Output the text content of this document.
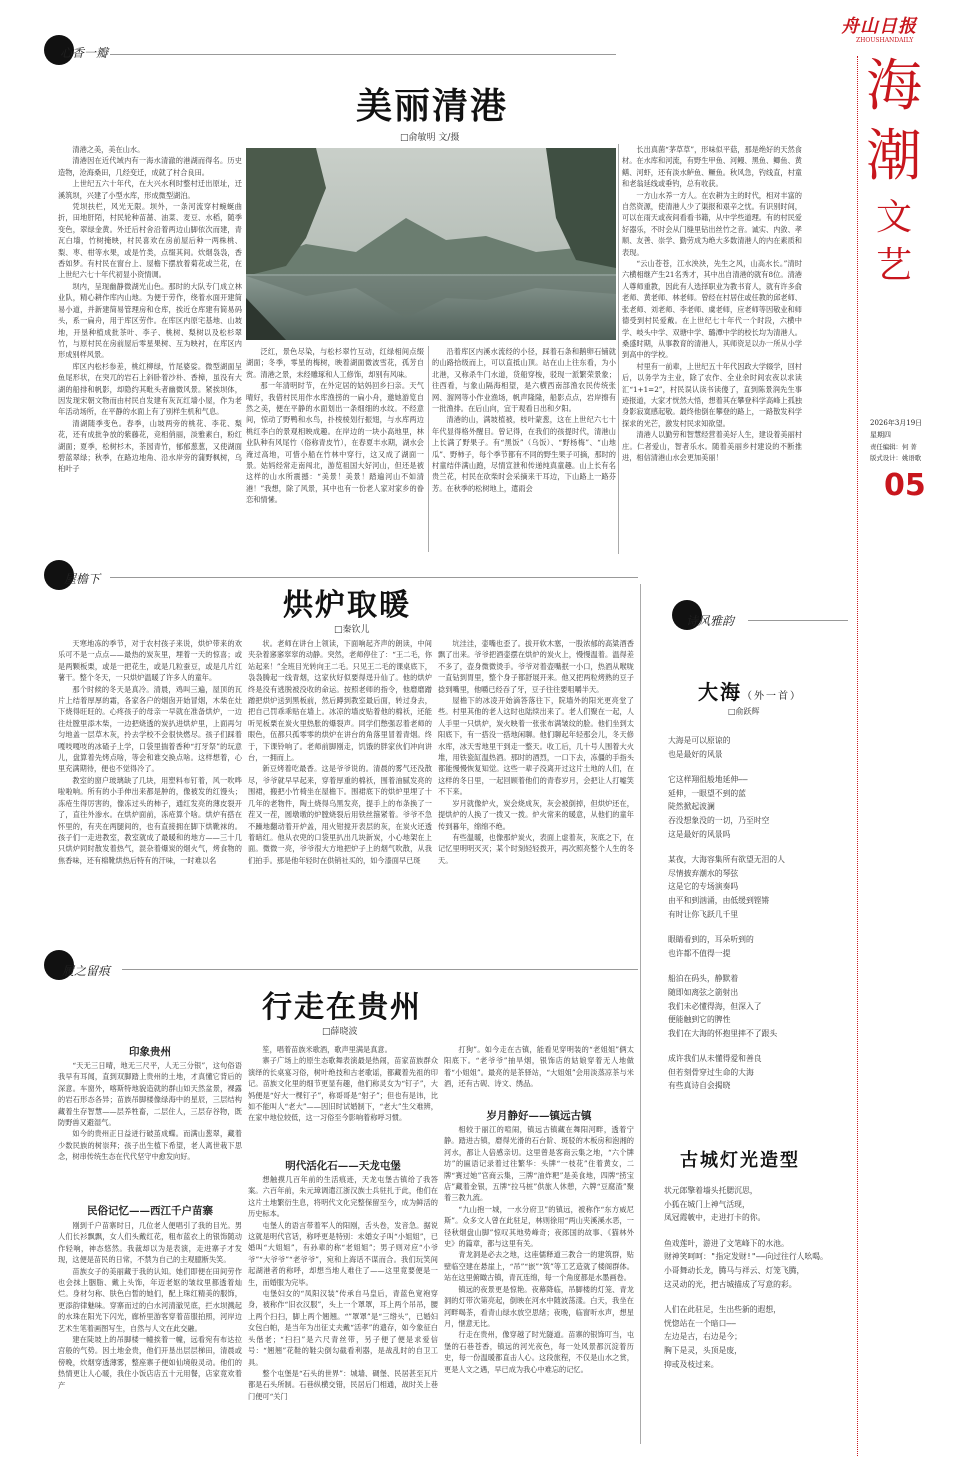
舟山日报
ZHOUSHANDAILY
海
潮
文
艺
2026年3月19日
星期四
责任编辑：何 菁
版式设计：姚语歌
05
心香一瓣
美丽清港
□俞敏明 文/摄

清港之美，美在山水。

清港因在近代域内有一海水清澈的港湖而得名。历史造物，沧海桑田，几经变迁，成就了村合良田。

上世纪五六十年代，在大兴水利时整村迁出原址，迁溪筑坝，兴建了小型水库，形成微型湖泊。

凭坝扶栏，风光无限。坝外，一条河流穿村蜿蜒曲折，田地肝陌，村民轮种苗蔷、油菜、麦豆、水稻，随季变色，翠绿金黄。外迁后村舍沿着两边山脚依次而建，青瓦白墙，竹树掩映，村民喜欢在房前屋后种一两株桃、梨、枣、柑等水果，或是竹类，点缀其间。炊烟袅袅，香香如梦。有村民在窗台上、屋檐下摆放着菊花或兰花，在上世纪六七十年代初显小资情调。

坝内，呈现幽静微湖光山色。那时的大队专门成立林业队，精心耕作库内山地。为便于劳作，绕着水面开建简易小道，并新建简易管理房和仓库，挨近仓库建有简易码头，系一扁舟，用于库区劳作。在库区内原宅基地、山坡地，开垦种植成批茶叶、李子、桃树、梨树以及松杉翠竹，与原村民在房前屋后零星果树、互为映衬，在库区内形成别样风景。

库区内松杉参差，桃红柳绿，竹尾婆娑。微型湖面呈鱼尾形状，在突兀的岩石上斜卧着沙朴、香樟，虽没有大湖的船排和帆影，却隐约其毗头者幽微风景。紧挨坝体，因发现宋朝文物而由村民自发建有灰瓦红墙小屋，作为老年活动场所，在平静的水面上有了别样生机和气息。

清湖随季变色。春季，山坡两旁的桃花、李花、梨花，还有成批争放的紫藤花，竞相俏丽，淡雅素白，粉红湖面；夏季，松树杉木，茶园青竹，郁郁葱葱，又使湖面碧蓝翠绿；秋季，在路边地角、沿水岸旁的蒲野枫树，乌桕叶子

泛红，景色尽染，与松杉翠竹互动，红绿相间点缀湖面；冬季，零星的梅树，映着湖面微波雪花，孤芳自赏。清港之景，未经雕琢和人工修饰，却别有风味。

那一年清明时节，在外定居的姑妈回乡扫亲。天气晴好，我借村民用作水库渔捞的一扁小舟，邀她游览自然之美，便在平静的水面划出一条细细的水纹。不经意间，惊动了野鸭和水鸟，扑棱棱划行振翅，与水库两边桃红李白的景观相映成趣。在岸边的一块小高地里，林业队种有风尾竹（俗称青皮竹），在春夏丰水期，湖水会淹过高地，可惜小船在竹林中穿行，这又成了湖面一景。姑妈经常走南闯北，游览祖国大好河山，但还是被这样的山水所震撼：“美景！美景！踏遍河山不如清港！”我想，除了风景，其中也有一份老人家对家乡的眷恋和情愫。

沿着库区内溪水流经的小径，踩着石条和鹅卵石铺就的山路拾级而上，可以直抵山顶。站在山上往东看，为小北港，又称杀牛门水道，货船穿梭，驳现一派繁荣景象；往西看，与象山隔海相望，是六横西南部渔农民传统张网、溜网等小作业渔场，帆声隆隆，船影点点，岩岸擦有一批渔排。在后山向，宜于观看日出和夕阳。

清港的山，满坡植被，枝叶蒙葱，这在上世纪六七十年代显得格外醒目。曾记得，在我们的孩提时代，清港山上长满了野果子。有“黑饭”（乌饭）、“野杨梅”、“山地瓜”、野柿子，每个季节都有不同的野生果子可摘，那时的村童结伴满山跑，尽情宣泄和传递纯真童趣。山上长有名贵兰花，村民在砍柴时会采摘来干耳边，下山路上一路芬芳。在秋季的松树地上，遣雨会

长出真菌“茅草草”，形味似平菇，那是绝好的天然食材。在水库和河流，有野生甲鱼、河鳗、黑鱼、鲫鱼、黄鳝、河虾，还有淡水鲈鱼、鳜鱼。秋风急，钓线直，村童和老翁延线或垂钓，总有收获。

一方山水养一方人。在农耕为主的时代，相对丰富的自然资源，使清港人少了渠报和艰辛之忧。有识别时间，可以在雨天或夜间看看书籍，从中学些道理。有的村民爱好器乐，不时会从门缝里钻出丝竹之音。诚实、内敛、孝顺、友善、崇学、勤劳成为绝大多数清港人的内在素质和表现。

“云山苍苍，江水泱泱，先生之风，山高水长。”清时六横相继产生21名秀才，其中出自清港的就有8位。清港人尊师重教，因此有人选择职业为教书育人，就有许多俞老师、黄老师、林老师。曾经在村居住或任教的邱老师、张老师、刘老师、李老师、虞老师，应老师等因敬业和师德受到村民爱戴。在上世纪七十年代一个时段，六横中学、岐头中学、双塘中学、璐潭中学的校长均为清港人。桑盛时期，从事教育的清港人，其师资足以办一所从小学到高中的学校。

村里有一前辈，上世纪五十年代因政大学辍学，回村后，以务学为主业，除了农作、全业余时间农夜以求读汇“1+1=2”，村民误认读书读傻了，直到陈景润先生事迹报道，大家才恍然大悟，想着其在攀登科学高峰上孤独身影寂寞感起敬。最终他倒在攀登的路上，一路散发科学探求的光芒，激发村民求知欲望。

清港人以勤劳和智慧经营着美好人生，建设着美丽村庄。仁者爱山，智者乐水。随着美丽乡村建设的不断推进，相信清港山水会更加美丽！

屋檐下
烘炉取暖
□秦钦儿

天寒地冻的季节，对于农村孩子来说，烘炉带来的欢乐可不是一点点——最热的炭灰里，埋着一天的惊喜；或是两颗板栗，或是一把花生，或是几粒蚕豆，或是几片红薯干。整个冬天，一只烘炉温暖了许多人的童年。

那个时候的冬天是真冷。清晨，鸡叫三遍，屋顶的瓦片上结着厚厚的霜，各家各户的烟囱开始冒烟，木柴在灶下烧得旺旺的。心疼孩子的母亲一早就在准备烘炉，一边往灶膛里添木柴，一边把烧透的炭扒进烘炉里，上面再匀匀地盖一层草木灰，拎去学校不会很快燃尽。孩子们踩着嘎吱嘎吱的冰碴子上学，口袋里揣着香种“打牙祭”的玩意儿，盘算着先烤点啥，等会和谁交换点啥。这样想着，心里充满期待，便也不觉得冷了。

教室的窗户玻璃缺了几块，用塑料布钉着，风一吹哗啦啦响。所有的小手伸出来都是肿的，像被发的红馒头；冻疮生得厉害的，像冻过头的柿子，通红发亮的薄皮裂开了，直往外渗水。在烘炉面前，冻疮算个啥。烘炉有搭在怀里的，有夹在两腿间的，也有直接拥在脚下烘靴袜的。孩子们一走进教室，教室就成了最暖和的地方——三十几只烘炉同时散发着热气，混杂着爆炭的烟火气，烤食物的焦香味，还有棉靴烘热后特有的汗味，一时难以名

状。老师在讲台上领读，下面响起齐声的朗读，中间夹杂着窸窸窣窣的动静。突然，老师停住了：“王二毛，你站起来！”全班目光转向王二毛。只见王二毛的课桌底下，袅袅腾起一线青烟，这家伙好似要得逞升仙了。他的烘炉终是没有逃脱被没收的命运。按照老师的指令，他磨磨蹭蹭把烘炉送到黑板前，然后蹲到教室最后面，转过身去，把自己罚乖乖贴在墙上。冰凉的墙皮贴着他的棉袄，还能听见板栗在炭火里热胀的爆裂声。同学们憋强忍着老师的眼色，伍都只孤零零的烘炉在讲台的角落里冒着青烟。终于，下课铃响了。老师前脚刚走，饥饿的胖家伙们冲向讲台，一拥而上。

新豆烤着吃最香。这是爷爷说的。清晨的雾气还没散尽，爷爷就早早起来，穿着厚重的棉袄，围着油腻发亮的围裙，搬把小竹椅坐在屋檐下。围裙底下的烘炉里埋了十几年的老物件，陶土烧得乌黑发亮，提手上的布条换了一茬又一茬，圆墩墩的炉膛烧裂后用铁丝箍紧着。爷爷不急不躁地翻动着开炉盖，用火钳搅开表层的灰，在炭火还透着暗红。他从衣兜的口袋里扒出几块新炭，小心地架在上面。微微一亮，爷爷很大方地把炉子上的烟气吹散，从我们拍手。那是他年轻时在供销社买的，如今漆面早已斑

坑洼洼，壶嘴也歪了。拔开软木塞，一股浓郁的高粱酒香飘了出来。爷爷把酒壶摆在烘炉的炭火上，慢慢温着。温得差不多了，壶身微微烫手。爷爷对着壶嘴抿一小口，热酒从喉咙一直钻到胃里，整个身子都舒展开来。他又把两粒烤熟的豆子捻到嘴里，他嚼已经吞了牙，豆子往往要咀嚼半天。

屋檐下的冰凌开始滴答落往下，院墙外的阳光更亮堂了些。村里其他的老人这时也陆续出来了。老人们聚在一起，人人手里一只烘炉，炭火映着一张张布满皱纹的脸。他们坐到太阳底下，有一搭没一搭地闲聊。他们聊起年轻那会儿，冬天修水库，冰天雪地里干到走一整天。收工后，几十号人围着大火堆，用铁瓷缸温热酒。那时的酒烈，一口下去，冻僵的手指头都能慢慢恢复知觉。这些一辈子没离开过这片土地的人们，在这样的冬日里，一起回顾着他们的青春岁月，会把让人打嘘笑不下来。

岁月就像炉火，炭会烧成灰，灰会被倒掉，但烘炉还在，提烘炉的人换了一拨又一拨。炉火常来的暖意，从他们的童年传到暮年，绵绵不绝。

有些温暖，也像那炉炭火，表面上虚着灰，灰底之下，在记忆里明明灭灭；某个时刻轻轻拨开，再次照亮整个人生的冬天。

履之留痕
行走在贵州
□薛晓波
印象贵州

“天无三日晴，地无三尺平，人无三分银”，这句俗语我早有耳闻，直到双脚踏上贵州的土地，才真懂它背后的深意。车窗外，喀斯特地貌造就的群山如天然盆景，裸露的岩石形态各异；苗族吊脚楼像绿海中的星辰，三层结构藏着生存智慧——层养牲畜，二层住人，三层存谷物，既防野兽又避湿气。

如今的贵州正日益迸行破茧成蝶。而满山葱翠，藏着少数民族的树崇拜；孩子出生植下希望，老人离世栽下思念，树串传统生态在代代坚守中愈发向好。

民俗记忆——西江千户苗寨

刚到千户苗寨时日，几位老人便唱引了我的目光。男人们长衫飘飘，女人们头戴红花，粗布蓝衣上的银饰随动作轻响，神态悠然。我裁却以为是表演，走进寨子才发现，这便是苗民的日常，不禁为自己的主观臆断失笑。

苗族女子的美丽藏于我的认知。她们即便在田间劳作也会抹上胭脂、戴上头饰，年迈老妪的皱纹里都透着灿烂。身材匀称、肤色白皙的她们，配上珠红精美的服饰，更添韵律魅味。穿寨而过的白水河清澈见底，拦水坝溅起的水珠在阳光下闪光，廊桥里游客穿着苗服拍照，河岸边艺术生笔着画图写生，自然与人文在此交融。

建在陡坡上的吊脚楼一幢挨着一幢，远看宛有布达拉宫般的气势。因土地金贵，他们开垦出层层梯田，清晨或傍晚，炊烟穿透薄雾，整座寨子便如仙境般灵动。他们的热情更让人心暖，我住小饭店店五十元用餐，店家竟欢着产

笙，唱着苗族米歌酒，歌声里满是真意。

寨子广场上的原生态歌舞表演最是热闹，苗家苗族群众演绎的长桌宴习俗，树叶绝技和古老歌谣，都藏着先祖的印记。苗族文化里的细节更显有趣，他们称灵女为“钉子”，大妈便是“好大一棵钉子”，称哥哥是“射子”；但也有是讳，比如不能叫人“老大”——因旧时试婚制下，“老大”生父难辨，在家中地位较低，这一习俗至今影响着称呼习惯。

明代活化石——天龙屯堡

想触摸几百年前的生活痕迹，天龙屯堡古镇给了我答案。六百年前，朱元璋调遣江浙汉族士兵驻扎于此，他们在这片土地繁衍生息，将明代文化完整保留至今，成为鲜活的历史标本。

屯堡人的语言带着军人的阳刚，舌头卷，发音急。据说这就是明代官话，称呼更是特别：未婚女子叫“小姐姐”，已婚叫“大姐姐”，有孙辈的称“老姐姐”；男子则对应“小爷爷”“大爷爷”“老爷爷”，宛和上海话不谋而合。我们玩笑间起湖港者的称呼，却想当地人难住了——这里竟要便是一生，而婚服为完毕。

屯堡妇女的“凤阳汉装”传承自马皇后，青蓝色宽袍穿身，被称作“旧衣汉服”，头上一个罩罩，耳上两个吊吊，腰上两个扫扫，脚上两个翘翘。“”罩罩”是“三绺头”，已婚妇女包白帕，是当年为出征丈夫戴“活孝”的遗存，如今象征白头偕老；“扫扫”是六尺青丝带，另子便了便是求爱信号：“翘翘”花鞋的鞋尖倒勾截看利器，是战乱时的自卫工具。

整个屯堡是“石头的世界”：城墙、碉堡、民居甚至瓦片都是石头所制。石巷纵横交错，民居后门相通，战时关上巷门便可“关门

打狗”。如今走在古镇，能看见穿明装的“老姐姐”俩太阳底下。“老爷爷”抽旱烟，银饰店的姑娘穿着无人地做着“小姐姐”。最亮的是茶驿站，“大姐姐”会用淡蒸凉茶与米酒，还有古砚、诗文、绣品。

岁月静好——镇远古镇

相较于丽江的喧闹，镇远古镇藏在舞阳河畔，透着宁静。踏进古镇，磨得光滑的石台阶、斑驳的木板房和泡湘的河水，都让人倍感亲切。这里曾是客商云集之地，“六个牌坊”的匾语记录着过往繁华：头牌“一枝花”住着黄女，二牌“赛过她”官商云集，三牌“油炸粑”是美食地，四牌“捞宝店”藏着金银，五牌“拉马桩”供旅人休憩，六牌“豆腐渣”聚着三教九流。

“九山抱一城，一水分府卫”的镇远，被称作“东方威尼斯”。众多文人曾在此驻足，林则徐用“两山夹溪溪水恶，一径秋烟盘山脚”惊叹其地势峰奇；夜郎国的故事、《猫林外史》的篇章，都与这里有关。

青龙洞是必去之地，这座儒释道三教合一的建筑群，贴壁临空建在悬崖上，“吊”“嵌”“筑”等工艺造就了楼阁群体。站在这里俯瞰古镇，青瓦连绵，每一个角度都是水墨画卷。

镇远的夜景更是惊艳。夜幕降临，吊脚楼的灯笼、青龙洞的灯带次第亮起，倒映在河水中随波荡漾。白天，我坐在河畔喝茶，看青山绿水放空思绪；夜晚，临窗听水声，想星月，惬意无比。

行走在贵州，像穿越了时光隧道。苗寨的银饰叮当，屯堡的石巷苍香，镇远的河光夜色，每一处风景都沉淀着历史，每一份温暖都直击人心。这段旅程，不仅是山水之赏，更是人文之遇，早已成为我心中难忘的记忆。

诗风雅韵
大海（外一首）
□俞跃辉
大海是可以原谅的
也是最好的风景
它这样翔徂般地延伸——
延伸，一眼望不到的蓝
陡然掀起波澜
吞没想象没的一切，乃至时空
这是最好的风景吗
某夜，大海容集所有欲望无泪的人
尽情披弃潮水的琴弦
这是它的专场演奏吗
由平和到汹涌，由低缓到铿锵
有时让你飞跃几千里
眼睛看到的，耳朵听到的
也许都不值得一提
船泊在码头，静默着
随即如离弦之箭射出
我们未必懂得海，但深入了
便能触到它的脾性
我们在大海的怀抱里摔不了跟头
成许我们从未懂得爱和善良
但若刻骨穿过生命的大海
有些真诗自会揭晓
古城灯光造型
状元郎擎着墙头托腮沉思，
小狐在城门上神气活现，
凤冠霞帔中，走进打卡的你。
鱼戏莲叶，游进了文笔峰下的水池。
财神笑呵呵："指定发财!"——向过往行人吆喝。
小哥舞动长龙，腾马与祥云、灯笼飞腾，
这灵动的光，把古城描成了写意的彩。
人们在此驻足，生出些新的遐想，
恍惚站在一个暗口——
左边是古，右边是今；
胸下是灵，头顶是废，
抑或及枝过来。
